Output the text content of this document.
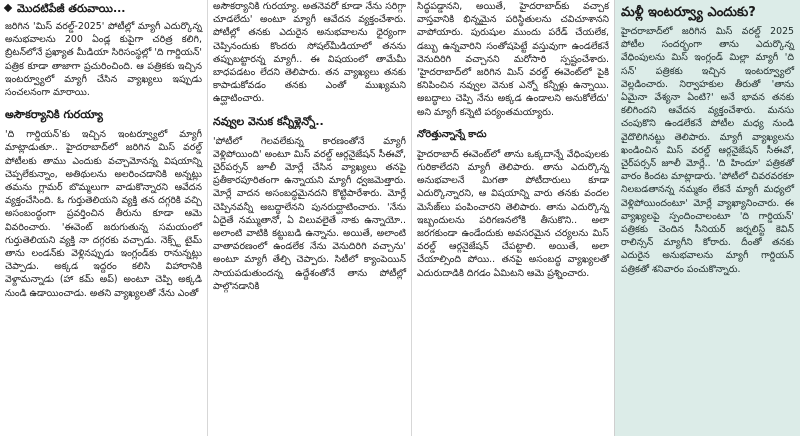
మొదటిపేజీ తరువాయి...

జరిగిన 'మిస్ వరల్డ్-2025' పోటీల్లో మ్యాగీ ఎదుర్కొన్న అనుభవాలను 200 ఏండ్ల కుపైగా చరిత్ర కలిగి, బ్రిటన్‌లోనే ప్రఖ్యాత మీడియా సిరిసంస్థల్లో 'ది గార్డియన్' పత్రిక కూడా తాజాగా ప్రచురించింది. ఆ పత్రికకు ఇచ్చిన ఇంటర్వ్యూలో మ్యాగీ చేసిన వ్యాఖ్యలు ఇప్పుడు సంచలనంగా మారాయి.

అసౌకర్యానికి గురయ్యా

'ది గార్డియన్'కు ఇచ్చిన ఇంటర్వ్యూలో మ్యాగీ మాట్లాడుతూ.. హైదరాబాద్‌లో జరిగిన మిస్ వరల్డ్ పోటీలకు తాము ఎందుకు వచ్చామోనన్న విషయాన్ని చెప్పలేకున్నాం, అతిథులను అలరించడానికి అన్నట్లు తమను గ్లామర్ బొమ్మలుగా వాడుకొన్నారని ఆవేదన వ్యక్తంచేసింది. ఓ గుర్తుతెలియని వ్యక్తి తన దగ్గరికి వచ్చి అసంబంద్ధంగా ప్రవర్తించిన తీరును కూడా ఆమె వివరించారు. 'ఈవెంట్ జరుగుతున్న సమయంలో గుర్తుతెలియని వ్యక్తి నా దగ్గరకు వచ్చాడు. నెక్స్ట్ టైమ్ తాను లండన్‌కు వెళ్లినప్పుడు ఇంగ్లండ్‌కు రానున్నట్లు చెప్పాడు. అక్కడ ఇద్దరం కలిసి విహారానికి వెళ్దామన్నాడు (హా కమ్ అప్) అంటూ చెప్పి అక్కడి నుండి ఉడాయించాడు. అతని వ్యాఖ్యలతో నేను ఎంతో

అసౌకర్యానికి గురయ్యా. అతనెవరో కూడా నేను సరిగ్గా చూడలేదు' అంటూ మ్యాగీ ఆవేదన వ్యక్తంచేశారు. పోటీల్లో తనకు ఎదురైన అనుభవాలను ధైర్యంగా చెప్పినందుకు కొందరు సోషల్‌మీడియాలో తనను తప్పుబట్టారన్న మ్యాగీ.. ఈ విషయంలో తామేమీ బాధపడటం లేదని తెలిపారు. తన వ్యాఖ్యలు తనకు కాపాడుకోవడం తనకు ఎంతో ముఖ్యమని ఉద్ఘాటించారు.

నవ్వుల వెనుక కన్నీళ్లెన్నో..

'పోటీలో గెలవలేకున్న కారణంతోనే మ్యాగీ వెళ్లిపోయింది' అంటూ మిస్ వరల్డ్ ఆర్గనైజేషన్ సీఈవో, చైర్‌పర్సన్ జూలీ మోర్లే చేసిన వ్యాఖ్యలు తనపై ప్రతీకారపూరితంగా ఉన్నాయని మ్యాగీ ధ్వజమెత్తారు. మోర్లే వాదన అసంబద్ధమైనదని కొట్టిపారేశారు. మోర్లే చెప్పినవన్నీ అబద్ధాలేనని పునరుద్ఘాటించారు. 'నేను ఏదైతే నమ్ముతానో, ఏ విలువలైతే నాకు ఉన్నాయో.. అలాంటి వాటికి కట్టుబడి ఉన్నాను. అయితే, అలాంటి వాతావరణంలో ఉండలేక నేను వెనుదిరిగి వచ్చాను' అంటూ మ్యాగీ తేల్చి చెప్పారు. సిటీలో క్యాంపెయిన్ సాయపడుతుందన్న ఉద్దేశంతోనే తాను పోటీల్లో పాల్గొనడానికి

సిద్ధపడ్డానని, అయితే, హైదరాబాద్‌కు వచ్చాక వాస్తవానికి భిన్నమైన పరిస్థితులను చవిచూశానని వాపోయారు. పురుషుల ముందు పరేడ్ చేయలేక, డబ్బు ఉన్నవారిని సంతోషపెట్టే వస్తువుగా ఉండలేకనే వెనుదిరిగి వచ్చానని మరోసారి స్పష్టంచేశారు. 'హైదరాబాద్‌లో జరిగిన మిస్ వరల్డ్ ఈవెంట్‌లో పైకి కనిపించిన నవ్వుల వెనుక ఎన్నో కన్నీళ్లు ఉన్నాయి. అబద్ధాలు చెప్పి నేను అక్కడ ఉండాలని అనుకోలేదు' అని మ్యాగీ కన్నెటి పర్యంతమయ్యారు.

నోరెత్తున్నాన్నే కాదు

హైదరాబాద్ ఈవెంట్‌లో తాను ఒక్కదాన్నే వేధింపులకు గురికాలేదని మ్యాగీ తెలిపారు. తాను ఎదుర్కొన్న అనుభవాలనే మిగతా పోటీదారులు కూడా ఎదుర్కొన్నారని, ఆ విషయాన్ని వారు తనకు వందల మెసేజ్‌లు పంపించారని తెలిపారు. తాను ఎదుర్కొన్న ఇబ్బందులను పరిగణనలోకి తీసుకొని.. అలా జరగకుండా ఉండేందుకు అవసరమైన చర్యలను మిస్ వరల్డ్ ఆర్గనైజేషన్ చేపట్టాలి. అయితే, అలా చేయాల్సింది పోయి.. తనపై అసంబద్ధ వ్యాఖ్యలతో ఎదురుదాడికి దిగడం ఏమిటని ఆమె ప్రశ్నించారు.

మళ్లీ ఇంటర్వ్యూ ఎందుకు?

హైదరాబాద్‌లో జరిగిన మిస్ వరల్డ్ 2025 పోటీల సందర్భంగా తాను ఎదుర్కొన్న వేధింపులను మిస్ ఇంగ్లండ్ మిల్లా మ్యాగీ 'ది సన్' పత్రికకు ఇచ్చిన ఇంటర్వ్యూలో వెల్లడించారు. నిర్వాహకుల తీరుతో 'తాను ఏమైనా వేశ్యనా ఏంటి?' అనే భావన తనకు కలిగిందని ఆవేదన వ్యక్తంచేశారు. మనసు చంపుకొని ఉండలేకనే పోటీల మధ్య నుండి వైదొలిగినట్టు తెలిపారు. మ్యాగీ వ్యాఖ్యలను ఖండించిన మిస్ వరల్డ్ ఆర్గనైజేషన్ సీఈవో, చైర్‌పర్సన్ జూలీ మోర్లే.. 'ది హిందూ' పత్రికతో వారం కిందట మాట్లాడారు. 'పోటీలో చివరవరకూ నిలబడతానన్న నమ్మకం లేకనే మ్యాగీ మధ్యలో వెళ్లిపోయిందంటూ' మోర్లే వ్యాఖ్యానించారు. ఈ వ్యాఖ్యలపై స్పందించాలంటూ 'ది గార్డియన్' పత్రికకు చెందిన సీనియర్ జర్నలిస్ట్ కెవిన్ రాలిన్సన్ మ్యాగీని కోరారు. దీంతో తనకు ఎదురైన అనుభవాలను మ్యాగీ గార్డియన్ పత్రికతో శనివారం పంచుకొన్నారు.
